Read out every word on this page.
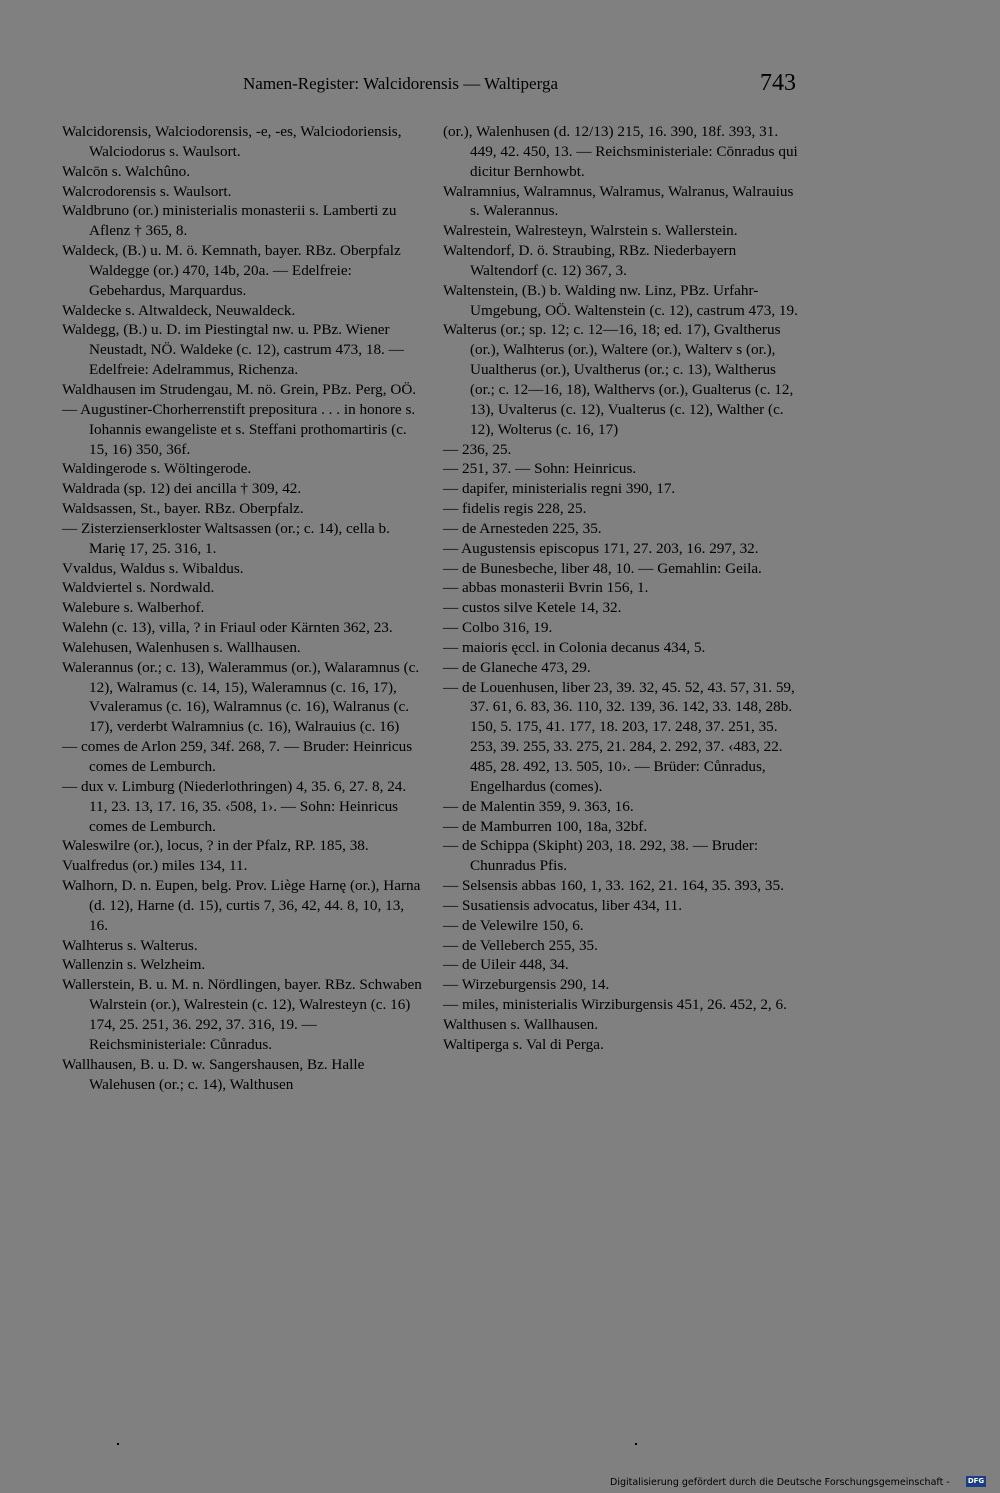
Namen-Register: Walcidorensis — Waltiperga	743

Walcidorensis, Walciodorensis, -e, -es, Walciodoriensis, Walciodorus s. Waulsort.

Walcōn s. Walchûno.

Walcrodorensis s. Waulsort.

Waldbruno (or.) ministerialis monasterii s. Lamberti zu Aflenz † 365, 8.

Waldeck, (B.) u. M. ö. Kemnath, bayer. RBz. Oberpfalz Waldegge (or.) 470, 14b, 20a. — Edelfreie: Gebehardus, Marquardus.

Waldecke s. Altwaldeck, Neuwaldeck.

Waldegg, (B.) u. D. im Piestingtal nw. u. PBz. Wiener Neustadt, NÖ. Waldeke (c. 12), castrum 473, 18. — Edelfreie: Adelrammus, Richenza.

Waldhausen im Strudengau, M. nö. Grein, PBz. Perg, OÖ.

— Augustiner-Chorherrenstift prepositura . . . in honore s. Iohannis ewangeliste et s. Steffani prothomartiris (c. 15, 16) 350, 36f.

Waldingerode s. Wöltingerode.

Waldrada (sp. 12) dei ancilla † 309, 42.

Waldsassen, St., bayer. RBz. Oberpfalz.

— Zisterzienserkloster Waltsassen (or.; c. 14), cella b. Marię 17, 25. 316, 1.

Vvaldus, Waldus s. Wibaldus.

Waldviertel s. Nordwald.

Walebure s. Walberhof.

Walehn (c. 13), villa, ? in Friaul oder Kärnten 362, 23.

Walehusen, Walenhusen s. Wallhausen.

Walerannus (or.; c. 13), Walerammus (or.), Walaramnus (c. 12), Walramus (c. 14, 15), Waleramnus (c. 16, 17), Vvaleramus (c. 16), Walramnus (c. 16), Walranus (c. 17), verderbt Walramnius (c. 16), Walrauius (c. 16)

— comes de Arlon 259, 34f. 268, 7. — Bruder: Heinricus comes de Lemburch.

— dux v. Limburg (Niederlothringen) 4, 35. 6, 27. 8, 24. 11, 23. 13, 17. 16, 35. ‹508, 1›. — Sohn: Heinricus comes de Lemburch.

Waleswilre (or.), locus, ? in der Pfalz, RP. 185, 38.

Vualfredus (or.) miles 134, 11.

Walhorn, D. n. Eupen, belg. Prov. Liège Harnę (or.), Harna (d. 12), Harne (d. 15), curtis 7, 36, 42, 44. 8, 10, 13, 16.

Walhterus s. Walterus.

Wallenzin s. Welzheim.

Wallerstein, B. u. M. n. Nördlingen, bayer. RBz. Schwaben Walrstein (or.), Walrestein (c. 12), Walresteyn (c. 16) 174, 25. 251, 36. 292, 37. 316, 19. — Reichsministeriale: Cůnradus.

Wallhausen, B. u. D. w. Sangershausen, Bz. Halle Walehusen (or.; c. 14), Walthusen

(or.), Walenhusen (d. 12/13) 215, 16. 390, 18f. 393, 31. 449, 42. 450, 13. — Reichsministeriale: Cōnradus qui dicitur Bernhowbt.

Walramnius, Walramnus, Walramus, Walranus, Walrauius s. Walerannus.

Walrestein, Walresteyn, Walrstein s. Wallerstein.

Waltendorf, D. ö. Straubing, RBz. Niederbayern Waltendorf (c. 12) 367, 3.

Waltenstein, (B.) b. Walding nw. Linz, PBz. Urfahr-Umgebung, OÖ. Waltenstein (c. 12), castrum 473, 19.

Walterus (or.; sp. 12; c. 12—16, 18; ed. 17), Gvaltherus (or.), Walhterus (or.), Waltere (or.), Walterv s (or.), Uualtherus (or.), Uvaltherus (or.; c. 13), Waltherus (or.; c. 12—16, 18), Walthervs (or.), Gualterus (c. 12, 13), Uvalterus (c. 12), Vualterus (c. 12), Walther (c. 12), Wolterus (c. 16, 17)

— 236, 25.

— 251, 37. — Sohn: Heinricus.

— dapifer, ministerialis regni 390, 17.

— fidelis regis 228, 25.

— de Arnesteden 225, 35.

— Augustensis episcopus 171, 27. 203, 16. 297, 32.

— de Bunesbeche, liber 48, 10. — Gemahlin: Geila.

— abbas monasterii Bvrin 156, 1.

— custos silve Ketele 14, 32.

— Colbo 316, 19.

— maioris ęccl. in Colonia decanus 434, 5.

— de Glaneche 473, 29.

— de Louenhusen, liber 23, 39. 32, 45. 52, 43. 57, 31. 59, 37. 61, 6. 83, 36. 110, 32. 139, 36. 142, 33. 148, 28b. 150, 5. 175, 41. 177, 18. 203, 17. 248, 37. 251, 35. 253, 39. 255, 33. 275, 21. 284, 2. 292, 37. ‹483, 22. 485, 28. 492, 13. 505, 10›. — Brüder: Cůnradus, Engelhardus (comes).

— de Malentin 359, 9. 363, 16.

— de Mamburren 100, 18a, 32bf.

— de Schippa (Skipht) 203, 18. 292, 38. — Bruder: Chunradus Pfis.

— Selsensis abbas 160, 1, 33. 162, 21. 164, 35. 393, 35.

— Susatiensis advocatus, liber 434, 11.

— de Velewilre 150, 6.

— de Velleberch 255, 35.

— de Uileir 448, 34.

— Wirzeburgensis 290, 14.

— miles, ministerialis Wirziburgensis 451, 26. 452, 2, 6.

Walthusen s. Wallhausen.

Waltiperga s. Val di Perga.

Digitalisierung gefördert durch die Deutsche Forschungsgemeinschaft -	DFG
